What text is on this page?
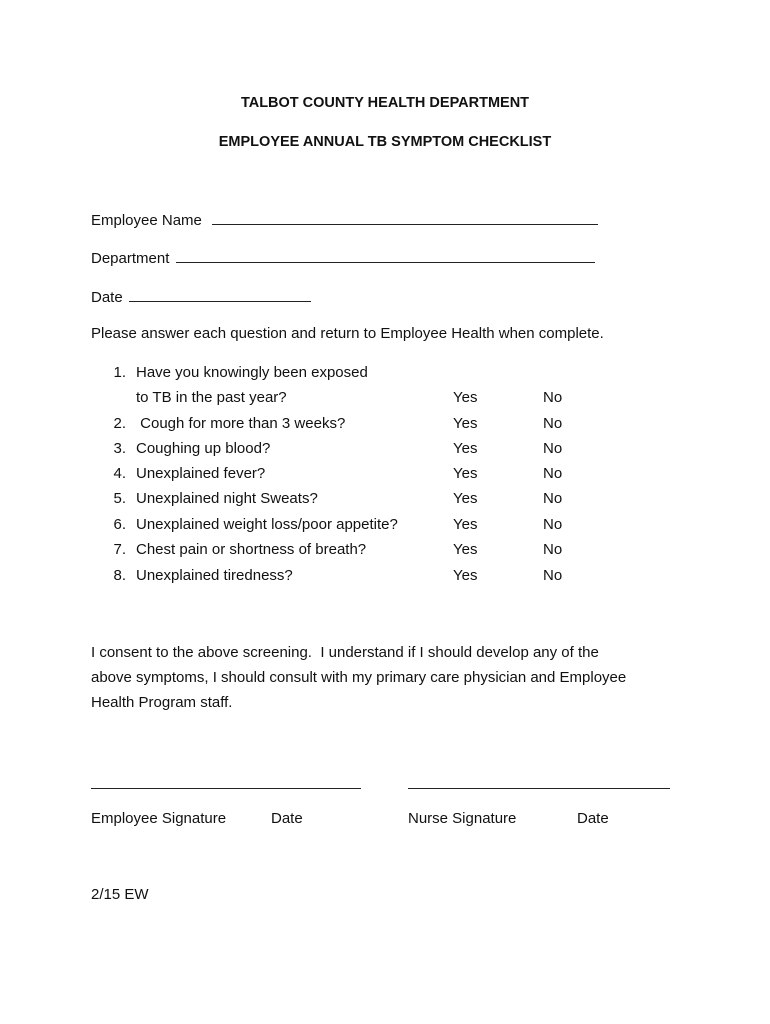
TALBOT COUNTY HEALTH DEPARTMENT
EMPLOYEE ANNUAL TB SYMPTOM CHECKLIST
Employee Name
Department
Date
Please answer each question and return to Employee Health when complete.
1. Have you knowingly been exposed
to TB in the past year?	Yes	No
2. Cough for more than 3 weeks?	Yes	No
3. Coughing up blood?	Yes	No
4. Unexplained fever?	Yes	No
5. Unexplained night Sweats?	Yes	No
6. Unexplained weight loss/poor appetite?	Yes	No
7. Chest pain or shortness of breath?	Yes	No
8. Unexplained tiredness?	Yes	No
I consent to the above screening.  I understand if I should develop any of the
above symptoms, I should consult with my primary care physician and Employee
Health Program staff.
Employee Signature	Date	Nurse Signature	Date
2/15 EW
